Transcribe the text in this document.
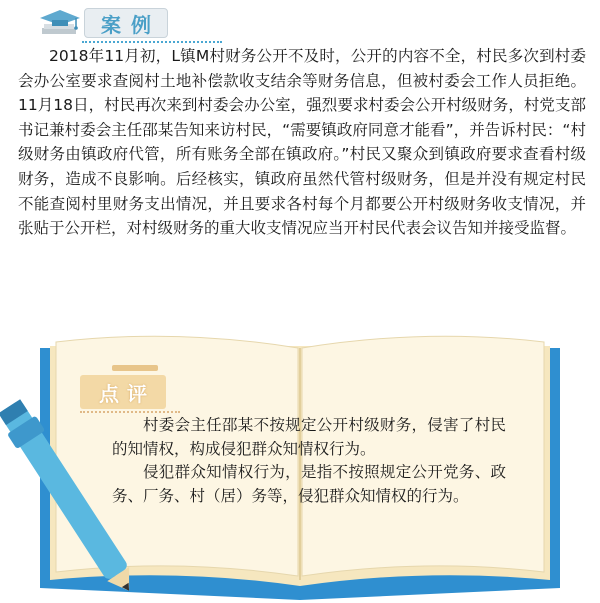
案例

2018年11月初，L镇M村财务公开不及时，公开的内容不全，村民多次到村委会办公室要求查阅村土地补偿款收支结余等财务信息，但被村委会工作人员拒绝。11月18日，村民再次来到村委会办公室，强烈要求村委会公开村级财务，村党支部书记兼村委会主任邵某告知来访村民，“需要镇政府同意才能看”，并告诉村民：“村级财务由镇政府代管，所有账务全部在镇政府。”村民又聚众到镇政府要求查看村级财务，造成不良影响。后经核实，镇政府虽然代管村级财务，但是并没有规定村民不能查阅村里财务支出情况，并且要求各村每个月都要公开村级财务收支情况，并张贴于公开栏，对村级财务的重大收支情况应当开村民代表会议告知并接受监督。

点评

村委会主任邵某不按规定公开村级财务，侵害了村民的知情权，构成侵犯群众知情权行为。

侵犯群众知情权行为，是指不按照规定公开党务、政务、厂务、村（居）务等，侵犯群众知情权的行为。
